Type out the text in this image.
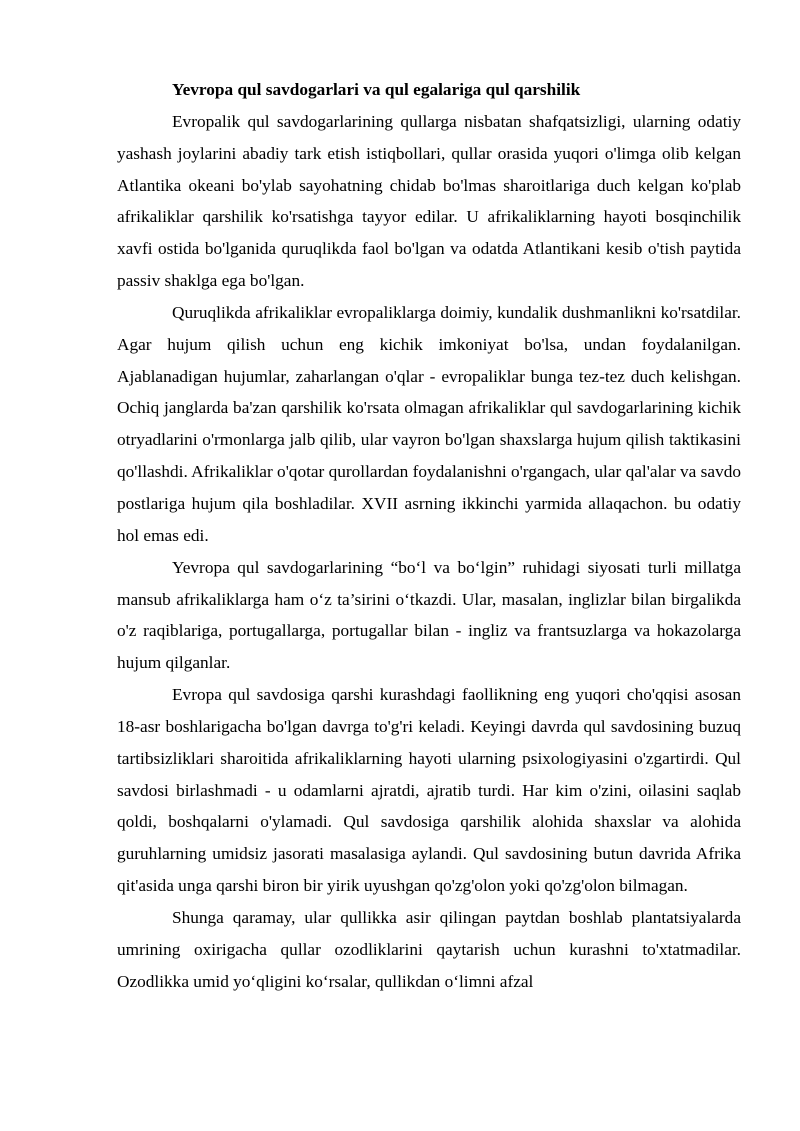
Yevropa qul savdogarlari va qul egalariga qul qarshilik

Evropalik qul savdogarlarining qullarga nisbatan shafqatsizligi, ularning odatiy yashash joylarini abadiy tark etish istiqbollari, qullar orasida yuqori o'limga olib kelgan Atlantika okeani bo'ylab sayohatning chidab bo'lmas sharoitlariga duch kelgan ko'plab afrikaliklar qarshilik ko'rsatishga tayyor edilar. U afrikaliklarning hayoti bosqinchilik xavfi ostida bo'lganida quruqlikda faol bo'lgan va odatda Atlantikani kesib o'tish paytida passiv shaklga ega bo'lgan.

Quruqlikda afrikaliklar evropaliklarga doimiy, kundalik dushmanlikni ko'rsatdilar. Agar hujum qilish uchun eng kichik imkoniyat bo'lsa, undan foydalanilgan. Ajablanadigan hujumlar, zaharlangan o'qlar - evropaliklar bunga tez-tez duch kelishgan. Ochiq janglarda ba'zan qarshilik ko'rsata olmagan afrikaliklar qul savdogarlarining kichik otryadlarini o'rmonlarga jalb qilib, ular vayron bo'lgan shaxslarga hujum qilish taktikasini qo'llashdi. Afrikaliklar o'qotar qurollardan foydalanishni o'rgangach, ular qal'alar va savdo postlariga hujum qila boshladilar. XVII asrning ikkinchi yarmida allaqachon. bu odatiy hol emas edi.

Yevropa qul savdogarlarining “bo‘l va bo‘lgin” ruhidagi siyosati turli millatga mansub afrikaliklarga ham o‘z ta’sirini o‘tkazdi. Ular, masalan, inglizlar bilan birgalikda o'z raqiblariga, portugallarga, portugallar bilan - ingliz va frantsuzlarga va hokazolarga hujum qilganlar.

Evropa qul savdosiga qarshi kurashdagi faollikning eng yuqori cho'qqisi asosan 18-asr boshlarigacha bo'lgan davrga to'g'ri keladi. Keyingi davrda qul savdosining buzuq tartibsizliklari sharoitida afrikaliklarning hayoti ularning psixologiyasini o'zgartirdi. Qul savdosi birlashmadi - u odamlarni ajratdi, ajratib turdi. Har kim o'zini, oilasini saqlab qoldi, boshqalarni o'ylamadi. Qul savdosiga qarshilik alohida shaxslar va alohida guruhlarning umidsiz jasorati masalasiga aylandi. Qul savdosining butun davrida Afrika qit'asida unga qarshi biron bir yirik uyushgan qo'zg'olon yoki qo'zg'olon bilmagan.

Shunga qaramay, ular qullikka asir qilingan paytdan boshlab plantatsiyalarda umrining oxirigacha qullar ozodliklarini qaytarish uchun kurashni to'xtatmadilar. Ozodlikka umid yo‘qligini ko‘rsalar, qullikdan o‘limni afzal
